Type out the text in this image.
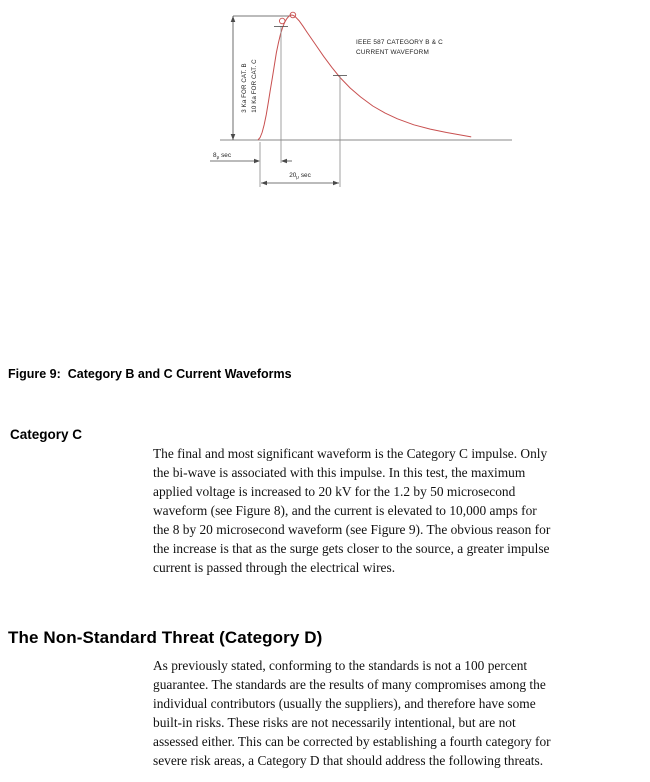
3 Ka FOR CAT. B 10 Ka FOR CAT. C
$8_\mu$ sec
$20_\mu$ sec
IEEE 587 CATEGORY B & C
CURRENT WAVEFORM
Figure 9:  Category B and C Current Waveforms
Category C
The final and most significant waveform is the Category C impulse. Only
the bi-wave is associated with this impulse. In this test, the maximum
applied voltage is increased to 20 kV for the 1.2 by 50 microsecond
waveform (see Figure 8), and the current is elevated to 10,000 amps for
the 8 by 20 microsecond waveform (see Figure 9). The obvious reason for
the increase is that as the surge gets closer to the source, a greater impulse
current is passed through the electrical wires.
The Non-Standard Threat (Category D)
As previously stated, conforming to the standards is not a 100 percent
guarantee. The standards are the results of many compromises among the
individual contributors (usually the suppliers), and therefore have some
built-in risks. These risks are not necessarily intentional, but are not
assessed either. This can be corrected by establishing a fourth category for
severe risk areas, a Category D that should address the following threats.
